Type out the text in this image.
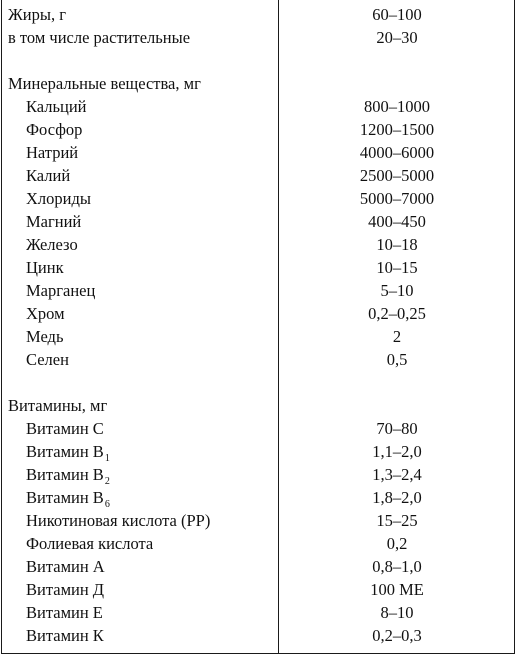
Жиры, г	60–100
в том числе растительные	20–30
Минеральные вещества, мг
Кальций	800–1000
Фосфор	1200–1500
Натрий	4000–6000
Калий	2500–5000
Хлориды	5000–7000
Магний	400–450
Железо	10–18
Цинк	10–15
Марганец	5–10
Хром	0,2–0,25
Медь	2
Селен	0,5
Витамины, мг
Витамин С	70–80
Витамин $В_1$	1,1–2,0
Витамин $В_2$	1,3–2,4
Витамин $В_6$	1,8–2,0
Никотиновая кислота (РР)	15–25
Фолиевая кислота	0,2
Витамин А	0,8–1,0
Витамин Д	100 МЕ
Витамин Е	8–10
Витамин К	0,2–0,3
